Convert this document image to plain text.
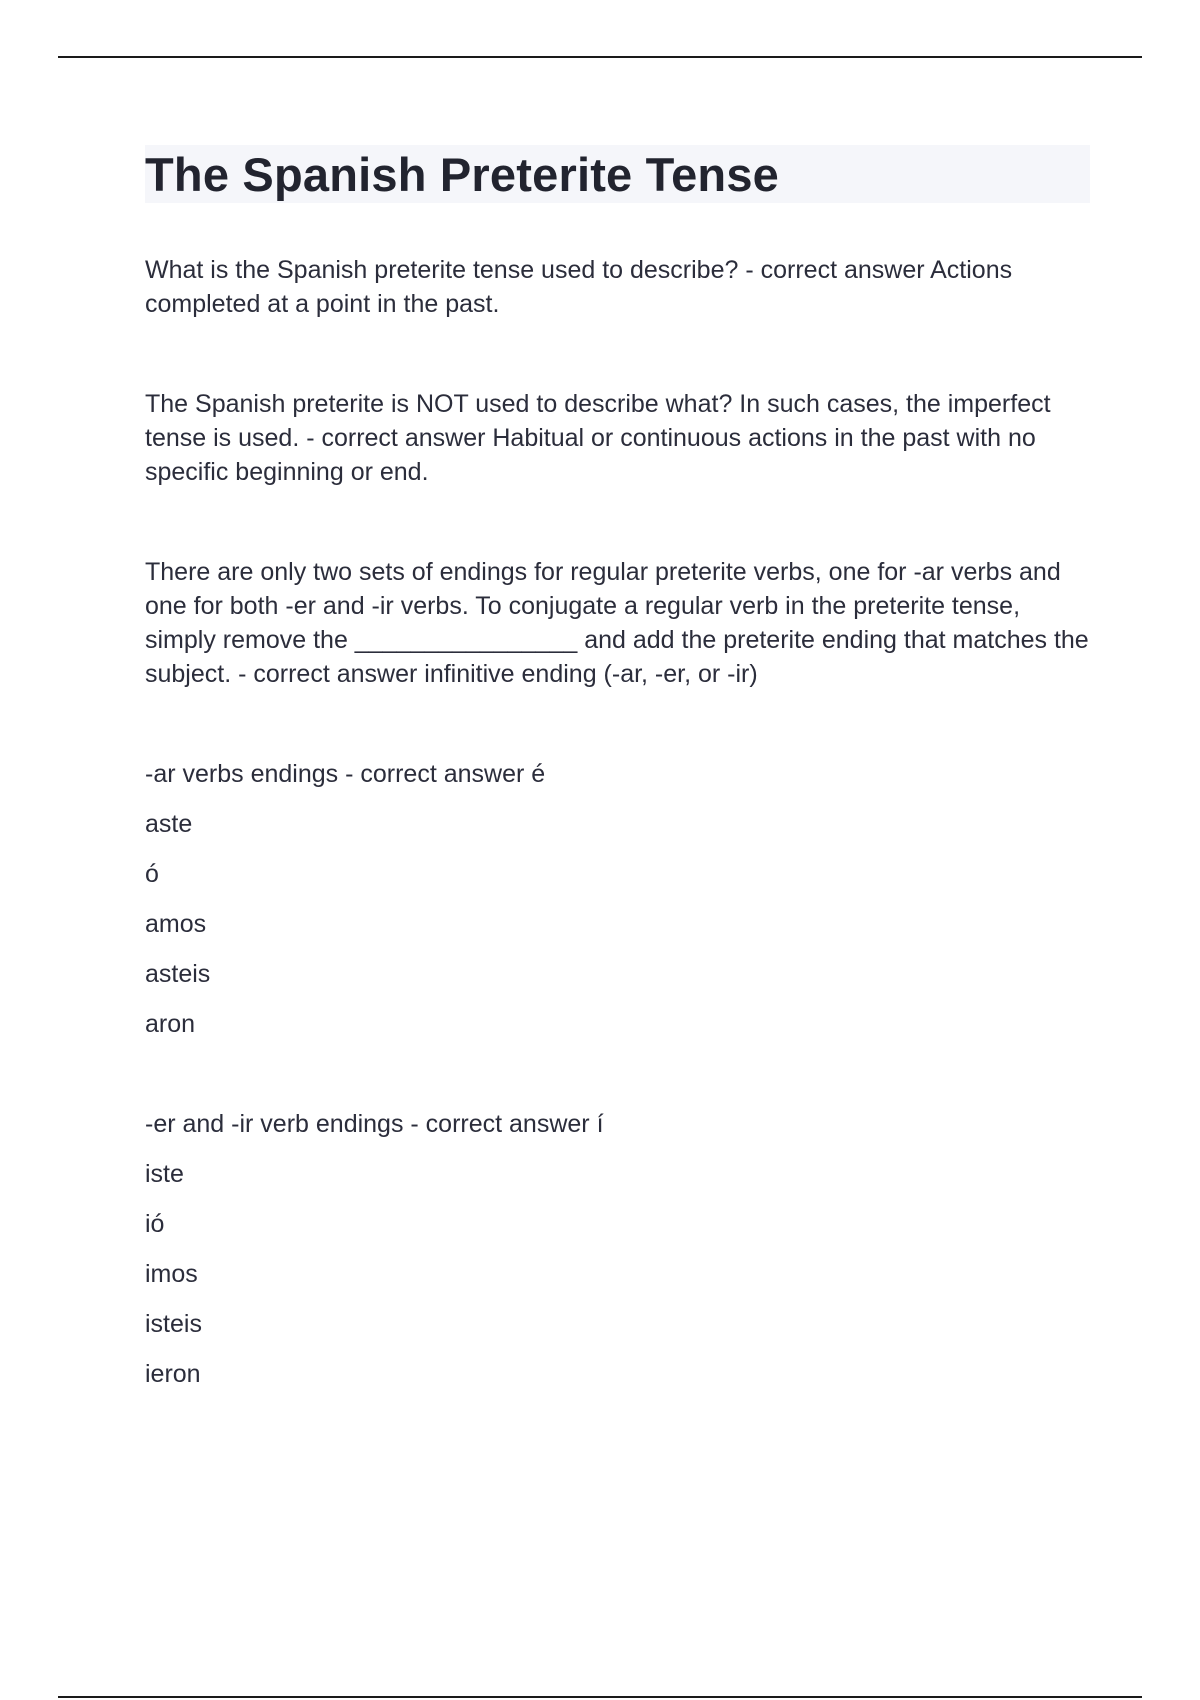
The Spanish Preterite Tense

What is the Spanish preterite tense used to describe? - correct answer Actions completed at a point in the past.

The Spanish preterite is NOT used to describe what? In such cases, the imperfect tense is used. - correct answer Habitual or continuous actions in the past with no specific beginning or end.

There are only two sets of endings for regular preterite verbs, one for -ar verbs and one for both -er and -ir verbs. To conjugate a regular verb in the preterite tense, simply remove the ________________ and add the preterite ending that matches the subject. - correct answer infinitive ending (-ar, -er, or -ir)

-ar verbs endings - correct answer é
aste
ó
amos
asteis
aron
-er and -ir verb endings - correct answer í
iste
ió
imos
isteis
ieron
